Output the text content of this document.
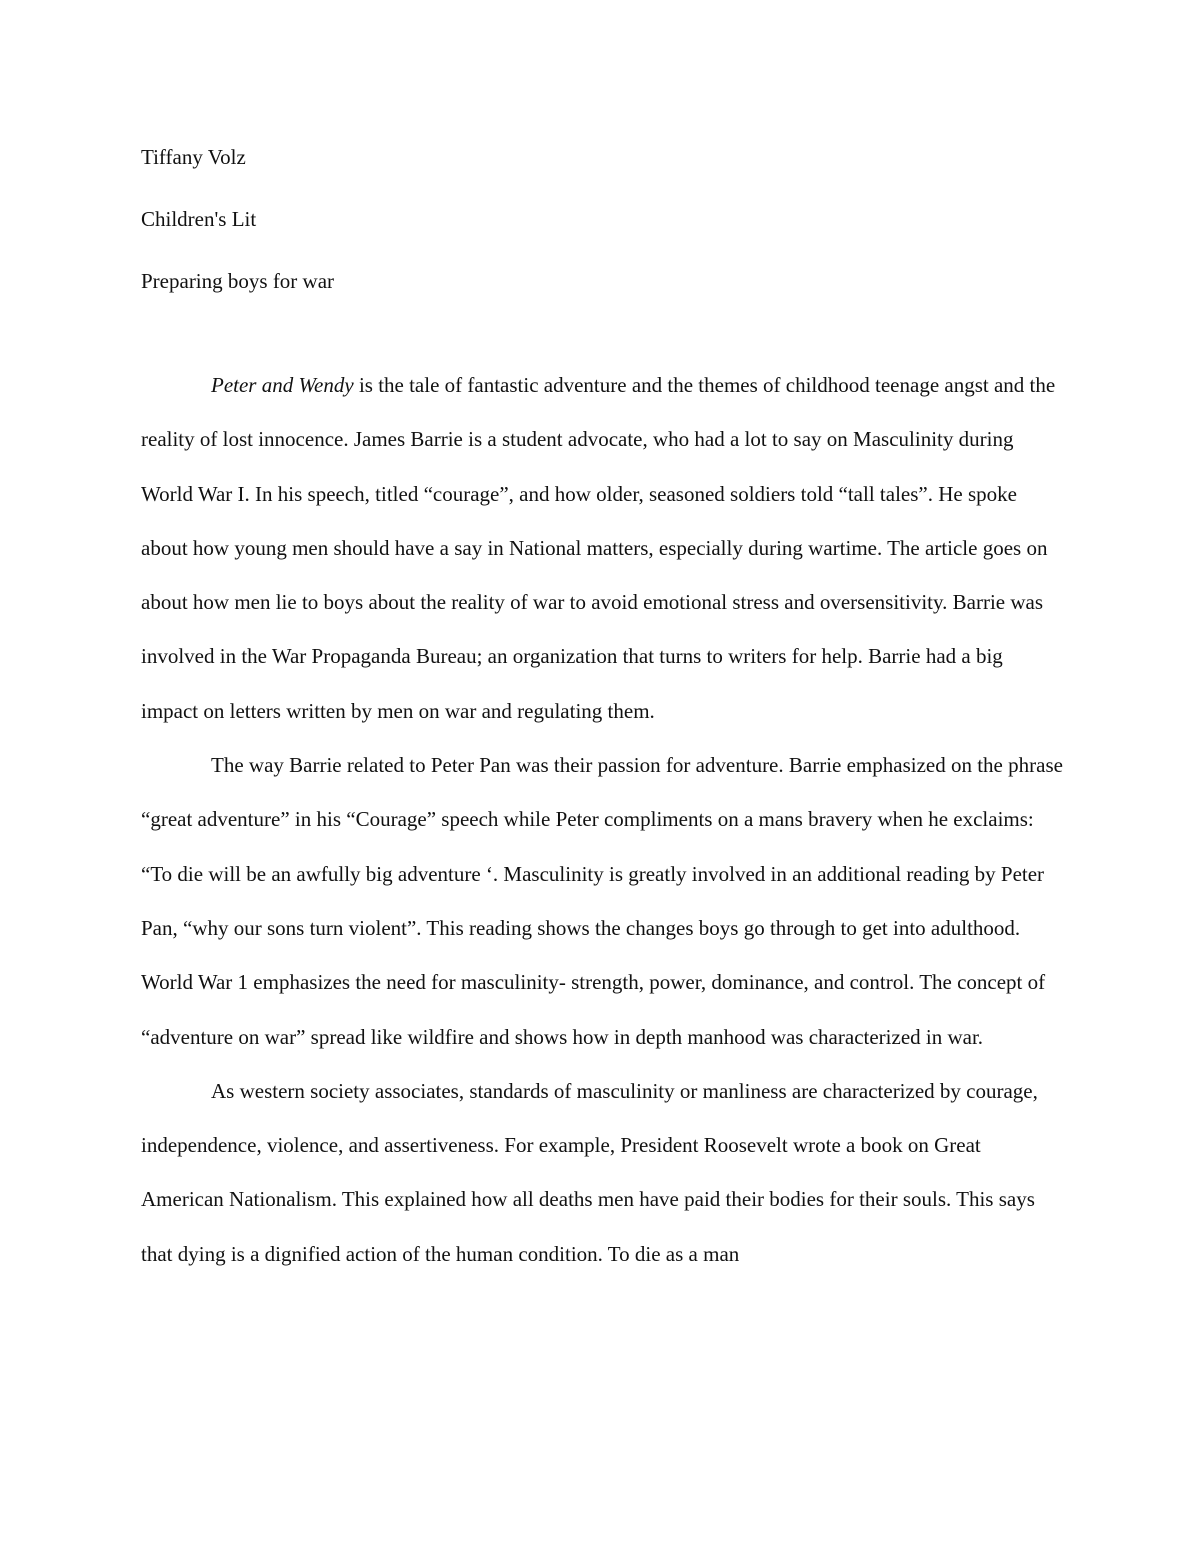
Tiffany Volz

Children's Lit

Preparing boys for war

Peter and Wendy is the tale of fantastic adventure and the themes of childhood teenage angst and the reality of lost innocence. James Barrie is a student advocate, who had a lot to say on Masculinity during World War I. In his speech, titled “courage”, and how older, seasoned soldiers told “tall tales”. He spoke about how young men should have a say in National matters, especially during wartime. The article goes on about how men lie to boys about the reality of war to avoid emotional stress and oversensitivity. Barrie was involved in the War Propaganda Bureau; an organization that turns to writers for help. Barrie had a big impact on letters written by men on war and regulating them.

The way Barrie related to Peter Pan was their passion for adventure. Barrie emphasized on the phrase “great adventure” in his “Courage” speech while Peter compliments on a mans bravery when he exclaims: “To die will be an awfully big adventure ‘. Masculinity is greatly involved in an additional reading by Peter Pan, “why our sons turn violent”. This reading shows the changes boys go through to get into adulthood. World War 1 emphasizes the need for masculinity- strength, power, dominance, and control. The concept of “adventure on war” spread like wildfire and shows how in depth manhood was characterized in war.

As western society associates, standards of masculinity or manliness are characterized by courage, independence, violence, and assertiveness. For example, President Roosevelt wrote a book on Great American Nationalism. This explained how all deaths men have paid their bodies for their souls. This says that dying is a dignified action of the human condition. To die as a man
